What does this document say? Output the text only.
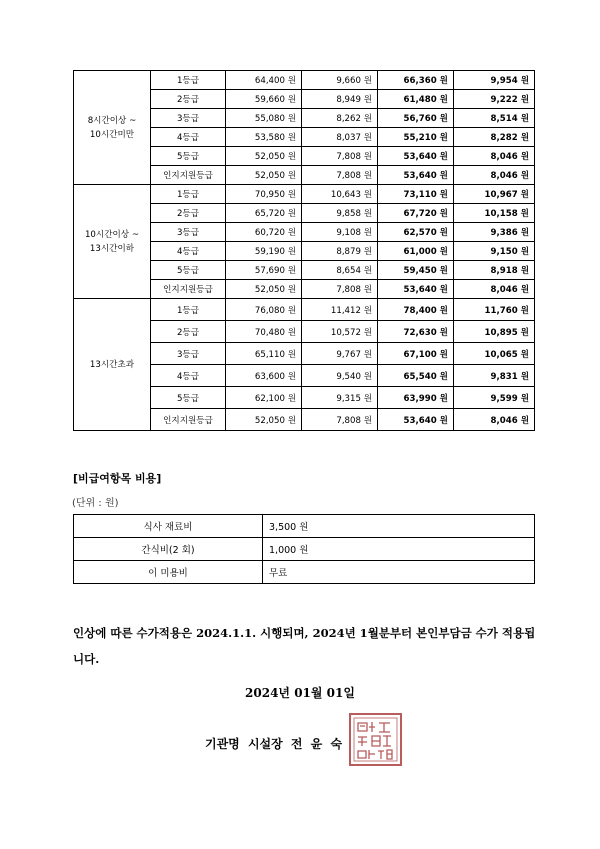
8시간이상 ~
10시간미만	1등급	64,400 원	9,660 원	66,360 원	9,954 원
	2등급	59,660 원	8,949 원	61,480 원	9,222 원
	3등급	55,080 원	8,262 원	56,760 원	8,514 원
	4등급	53,580 원	8,037 원	55,210 원	8,282 원
	5등급	52,050 원	7,808 원	53,640 원	8,046 원
	인지지원등급	52,050 원	7,808 원	53,640 원	8,046 원

10시간이상 ~
13시간이하	1등급	70,950 원	10,643 원	73,110 원	10,967 원
	2등급	65,720 원	9,858 원	67,720 원	10,158 원
	3등급	60,720 원	9,108 원	62,570 원	9,386 원
	4등급	59,190 원	8,879 원	61,000 원	9,150 원
	5등급	57,690 원	8,654 원	59,450 원	8,918 원
	인지지원등급	52,050 원	7,808 원	53,640 원	8,046 원

13시간초과	1등급	76,080 원	11,412 원	78,400 원	11,760 원
	2등급	70,480 원	10,572 원	72,630 원	10,895 원
	3등급	65,110 원	9,767 원	67,100 원	10,065 원
	4등급	63,600 원	9,540 원	65,540 원	9,831 원
	5등급	62,100 원	9,315 원	63,990 원	9,599 원
	인지지원등급	52,050 원	7,808 원	53,640 원	8,046 원
[비급여항목 비용]
(단위 : 원)
식사 재료비	3,500 원
간식비(2 회)	1,000 원
이 미용비	무료
인상에 따른 수가적용은 2024.1.1. 시행되며, 2024년 1월분부터 본인부담금 수가 적용됩니다.
2024년 01월 01일
기관명 시설장 전 윤 숙
